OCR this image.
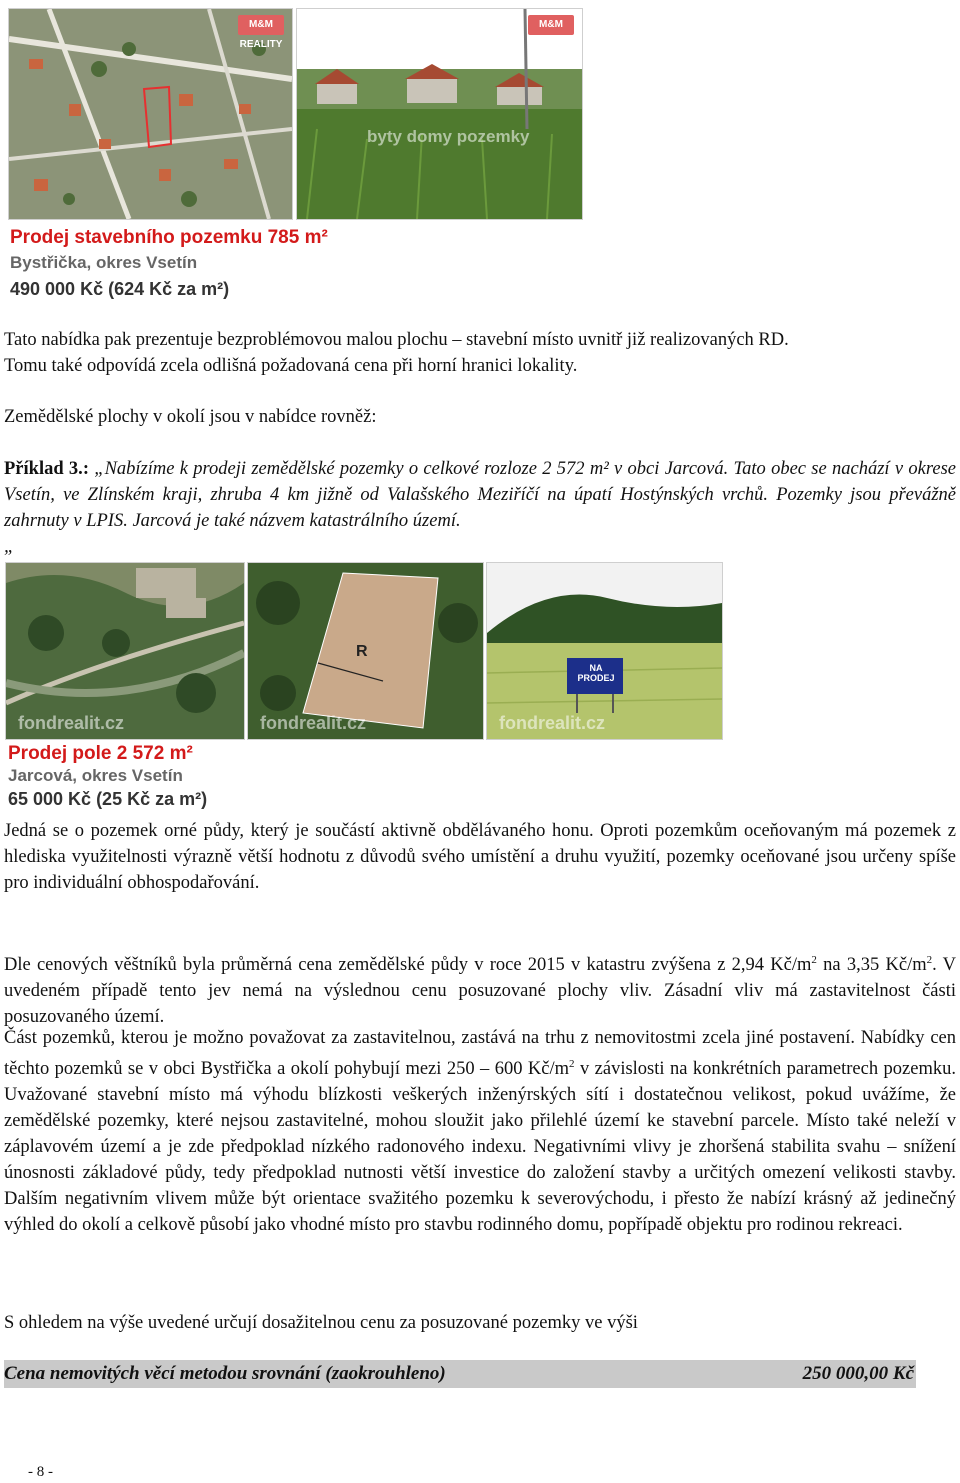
M&M REALITY
M&M REALITY
byty domy pozemky
Prodej stavebního pozemku 785 m²
Bystřička, okres Vsetín
490 000 Kč (624 Kč za m²)

Tato nabídka pak prezentuje bezproblémovou malou plochu – stavební místo uvnitř již realizovaných RD.
Tomu také odpovídá zcela odlišná požadovaná cena při horní hranici lokality.

Zemědělské plochy v okolí jsou v nabídce rovněž:

Příklad 3.: „Nabízíme k prodeji zemědělské pozemky o celkové rozloze 2 572 m² v obci Jarcová. Tato obec se nachází v okrese Vsetín, ve Zlínském kraji, zhruba 4 km jižně od Valašského Meziříčí na úpatí Hostýnských vrchů. Pozemky jsou převážně zahrnuty v LPIS. Jarcová je také názvem katastrálního území.
„

fondrealit.cz
R
fondrealit.cz
NA PRODEJ
fondrealit.cz
Prodej pole 2 572 m²
Jarcová, okres Vsetín
65 000 Kč (25 Kč za m²)

Jedná se o pozemek orné půdy, který je součástí aktivně obdělávaného honu. Oproti pozemkům oceňovaným má pozemek z hlediska využitelnosti výrazně větší hodnotu z důvodů svého umístění a druhu využití, pozemky oceňované jsou určeny spíše pro individuální obhospodařování.

Dle cenových věštníků byla průměrná cena zemědělské půdy v roce 2015 v katastru zvýšena z 2,94 $Kč/m^2$ na 3,35 $Kč/m^2$. V uvedeném případě tento jev nemá na výslednou cenu posuzované plochy vliv. Zásadní vliv má zastavitelnost části posuzovaného území.

Část pozemků, kterou je možno považovat za zastavitelnou, zastává na trhu z nemovitostmi zcela jiné postavení. Nabídky cen těchto pozemků se v obci Bystřička a okolí pohybují mezi 250 – 600 $Kč/m^2$ v závislosti na konkrétních parametrech pozemku. Uvažované stavební místo má výhodu blízkosti veškerých inženýrských sítí i dostatečnou velikost, pokud uvážíme, že zemědělské pozemky, které nejsou zastavitelné, mohou sloužit jako přilehlé území ke stavební parcele. Místo také neleží v záplavovém území a je zde předpoklad nízkého radonového indexu. Negativními vlivy je zhoršená stabilita svahu – snížení únosnosti základové půdy, tedy předpoklad nutnosti větší investice do založení stavby a určitých omezení velikosti stavby. Dalším negativním vlivem může být orientace svažitého pozemku k severovýchodu, i přesto že nabízí krásný až jedinečný výhled do okolí a celkově působí jako vhodné místo pro stavbu rodinného domu, popřípadě objektu pro rodinou rekreaci.

S ohledem na výše uvedené určují dosažitelnou cenu za posuzované pozemky ve výši

Cena nemovitých věcí metodou srovnání (zaokrouhleno)	250 000,00 Kč
- 8 -
